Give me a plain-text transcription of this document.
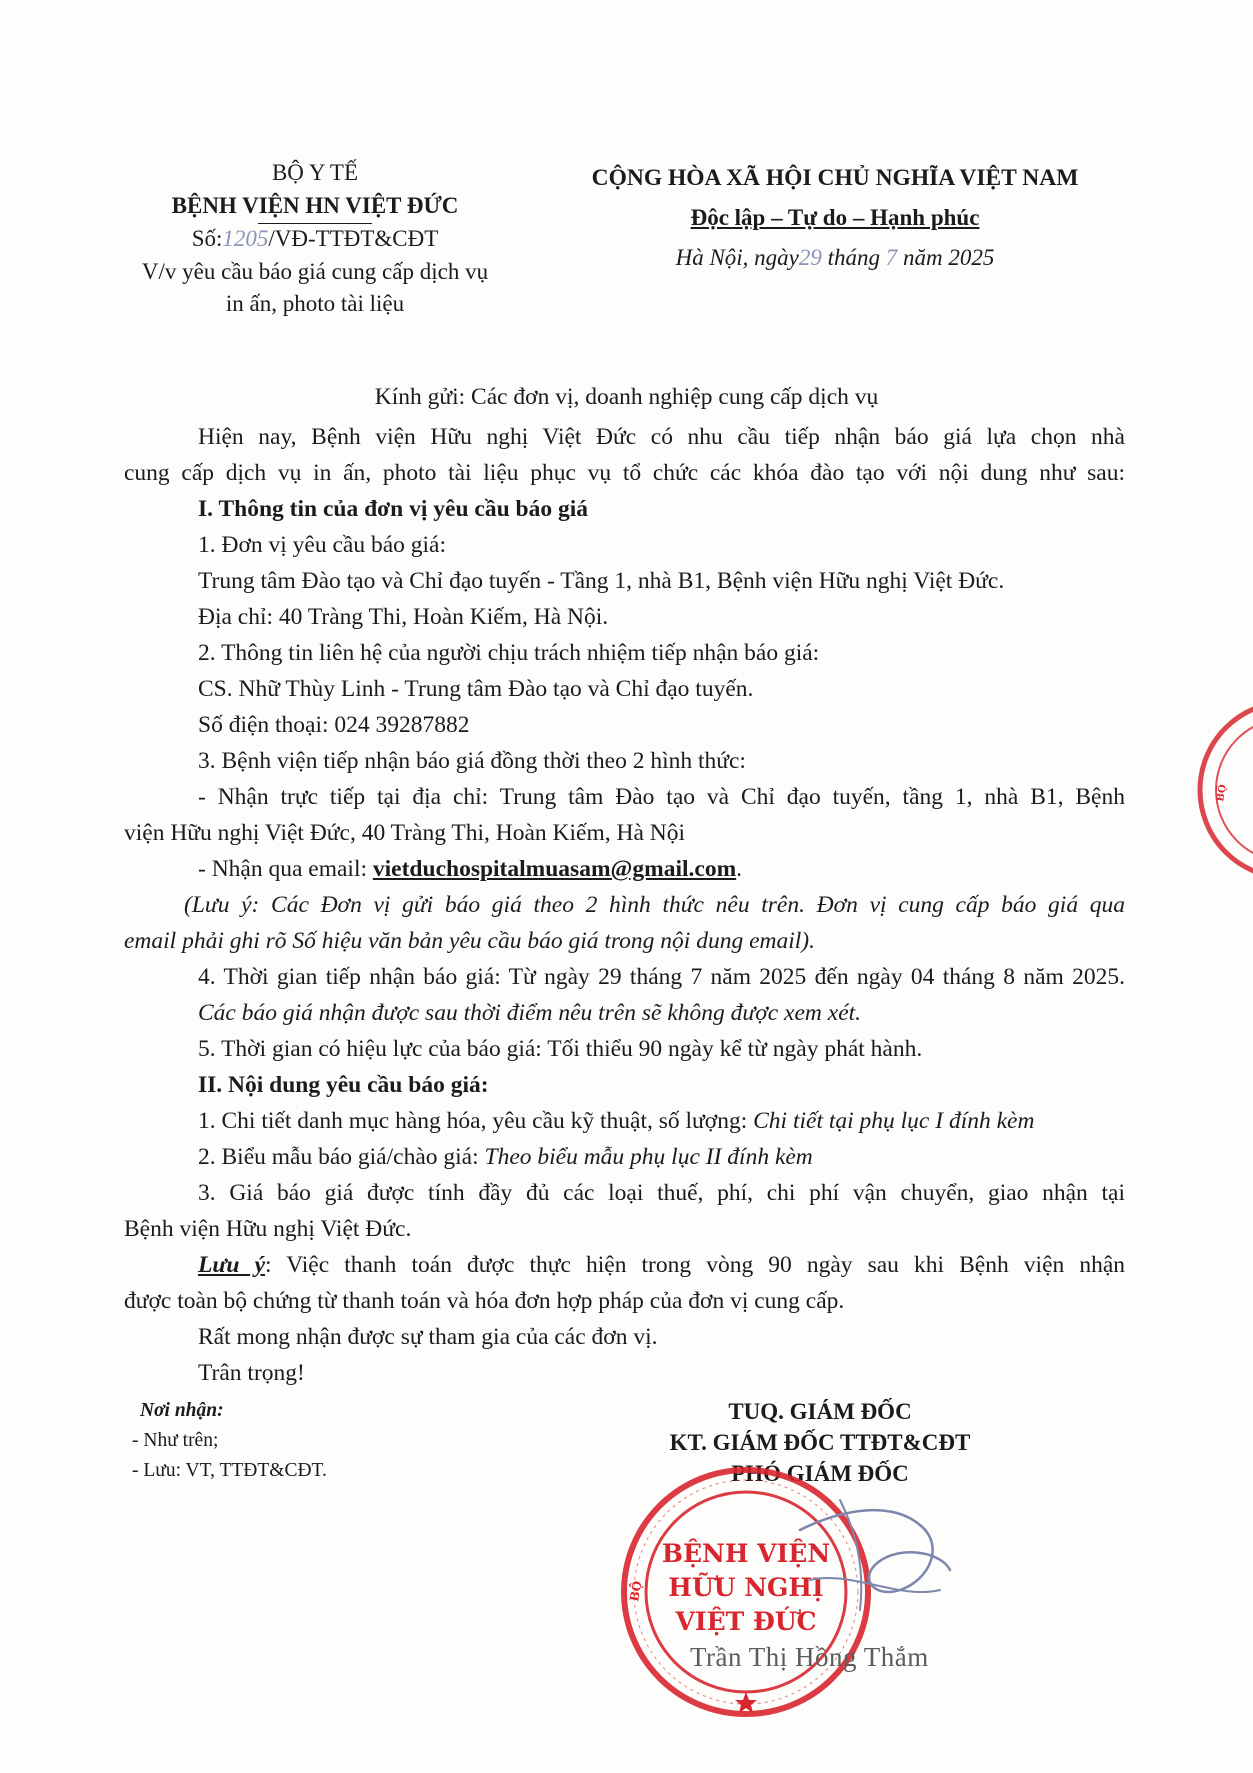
BỘ Y TẾ
BỆNH VIỆN HN VIỆT ĐỨC
Số:1205/VĐ-TTĐT&CĐT
V/v yêu cầu báo giá cung cấp dịch vụ
in ấn, photo tài liệu
CỘNG HÒA XÃ HỘI CHỦ NGHĨA VIỆT NAM
Độc lập – Tự do – Hạnh phúc
Hà Nội, ngày29 tháng 7 năm 2025
Kính gửi: Các đơn vị, doanh nghiệp cung cấp dịch vụ
Hiện nay, Bệnh viện Hữu nghị Việt Đức có nhu cầu tiếp nhận báo giá lựa chọn nhà
cung cấp dịch vụ in ấn, photo tài liệu phục vụ tổ chức các khóa đào tạo với nội dung như sau:
I. Thông tin của đơn vị yêu cầu báo giá
1. Đơn vị yêu cầu báo giá:
Trung tâm Đào tạo và Chỉ đạo tuyến - Tầng 1, nhà B1, Bệnh viện Hữu nghị Việt Đức.
Địa chỉ: 40 Tràng Thi, Hoàn Kiếm, Hà Nội.
2. Thông tin liên hệ của người chịu trách nhiệm tiếp nhận báo giá:
CS. Nhữ Thùy Linh - Trung tâm Đào tạo và Chỉ đạo tuyến.
Số điện thoại: 024 39287882
3. Bệnh viện tiếp nhận báo giá đồng thời theo 2 hình thức:
- Nhận trực tiếp tại địa chỉ: Trung tâm Đào tạo và Chỉ đạo tuyến, tầng 1, nhà B1, Bệnh
viện Hữu nghị Việt Đức, 40 Tràng Thi, Hoàn Kiếm, Hà Nội
- Nhận qua email: vietduchospitalmuasam@gmail.com.
(Lưu ý: Các Đơn vị gửi báo giá theo 2 hình thức nêu trên. Đơn vị cung cấp báo giá qua
email phải ghi rõ Số hiệu văn bản yêu cầu báo giá trong nội dung email).
4. Thời gian tiếp nhận báo giá: Từ ngày 29 tháng 7 năm 2025 đến ngày 04 tháng 8 năm 2025.
Các báo giá nhận được sau thời điểm nêu trên sẽ không được xem xét.
5. Thời gian có hiệu lực của báo giá: Tối thiểu 90 ngày kể từ ngày phát hành.
II. Nội dung yêu cầu báo giá:
1. Chi tiết danh mục hàng hóa, yêu cầu kỹ thuật, số lượng: Chi tiết tại phụ lục I đính kèm
2. Biểu mẫu báo giá/chào giá: Theo biểu mẫu phụ lục II đính kèm
3. Giá báo giá được tính đầy đủ các loại thuế, phí, chi phí vận chuyển, giao nhận tại
Bệnh viện Hữu nghị Việt Đức.
Lưu ý: Việc thanh toán được thực hiện trong vòng 90 ngày sau khi Bệnh viện nhận
được toàn bộ chứng từ thanh toán và hóa đơn hợp pháp của đơn vị cung cấp.
Rất mong nhận được sự tham gia của các đơn vị.
Trân trọng!
Nơi nhận:
- Như trên;
- Lưu: VT, TTĐT&CĐT.
TUQ. GIÁM ĐỐC
KT. GIÁM ĐỐC TTĐT&CĐT
PHÓ GIÁM ĐỐC
BỆNH VIỆN
HỮU NGHỊ
VIỆT ĐỨC
BỘ
Trần Thị Hồng Thắm
BỘ
